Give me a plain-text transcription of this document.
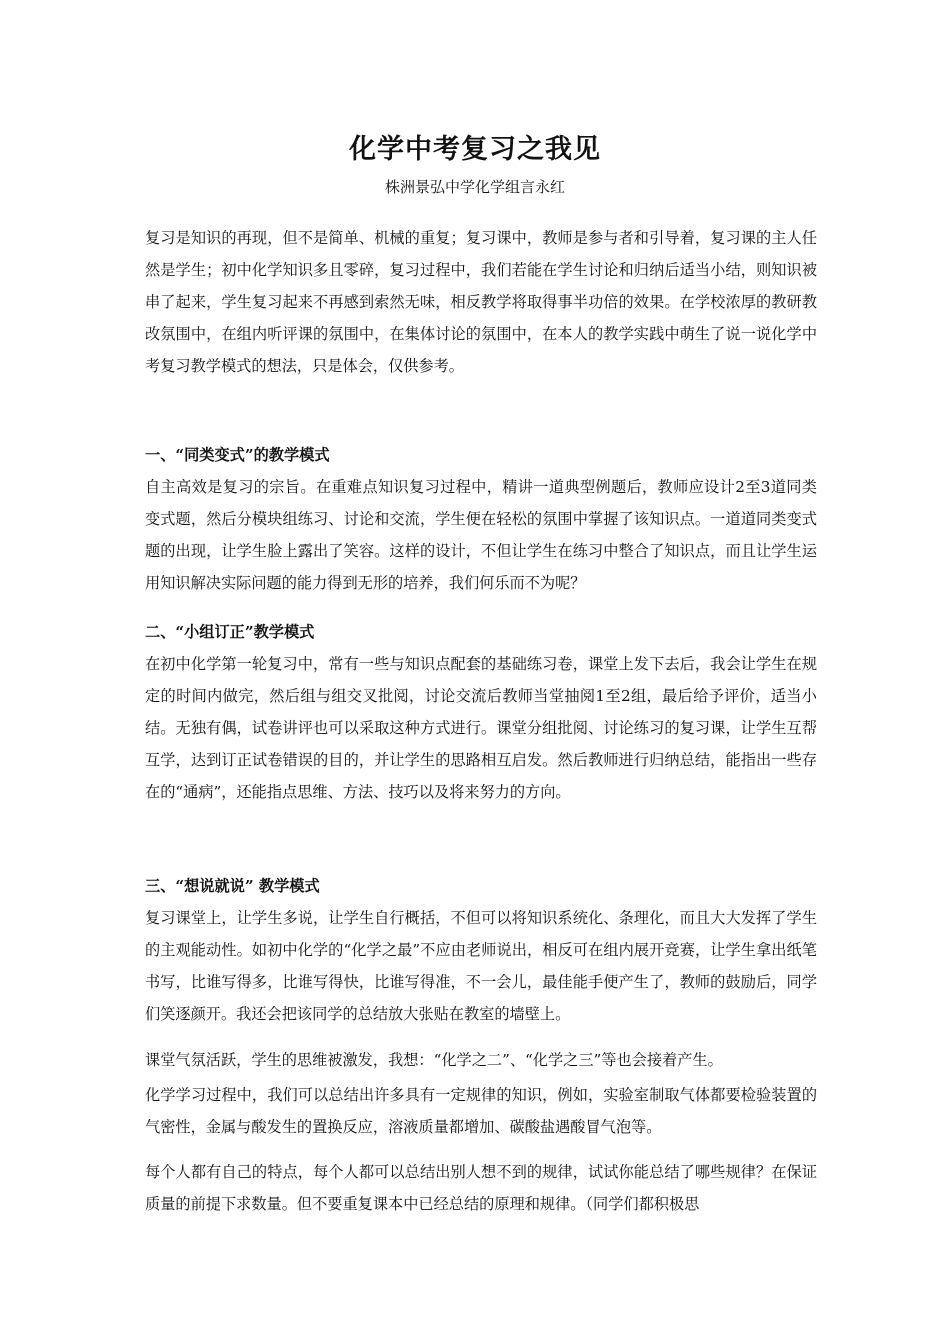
化学中考复习之我见
株洲景弘中学化学组言永红

复习是知识的再现，但不是简单、机械的重复；复习课中，教师是参与者和引导着，复习课的主人任然是学生；初中化学知识多且零碎，复习过程中，我们若能在学生讨论和归纳后适当小结，则知识被串了起来，学生复习起来不再感到索然无味，相反教学将取得事半功倍的效果。在学校浓厚的教研教改氛围中，在组内听评课的氛围中，在集体讨论的氛围中，在本人的教学实践中萌生了说一说化学中考复习教学模式的想法，只是体会，仅供参考。

一、“同类变式”的教学模式

自主高效是复习的宗旨。在重难点知识复习过程中，精讲一道典型例题后，教师应设计2至3道同类变式题，然后分模块组练习、讨论和交流，学生便在轻松的氛围中掌握了该知识点。一道道同类变式题的出现，让学生脸上露出了笑容。这样的设计，不但让学生在练习中整合了知识点，而且让学生运用知识解决实际问题的能力得到无形的培养，我们何乐而不为呢？

二、“小组订正”教学模式

在初中化学第一轮复习中，常有一些与知识点配套的基础练习卷，课堂上发下去后，我会让学生在规定的时间内做完，然后组与组交叉批阅，讨论交流后教师当堂抽阅1至2组，最后给予评价，适当小结。无独有偶，试卷讲评也可以采取这种方式进行。课堂分组批阅、讨论练习的复习课，让学生互帮互学，达到订正试卷错误的目的，并让学生的思路相互启发。然后教师进行归纳总结，能指出一些存在的“通病”，还能指点思维、方法、技巧以及将来努力的方向。

三、“想说就说” 教学模式

复习课堂上，让学生多说，让学生自行概括，不但可以将知识系统化、条理化，而且大大发挥了学生的主观能动性。如初中化学的“化学之最”不应由老师说出，相反可在组内展开竞赛，让学生拿出纸笔书写，比谁写得多，比谁写得快，比谁写得准，不一会儿，最佳能手便产生了，教师的鼓励后，同学们笑逐颜开。我还会把该同学的总结放大张贴在教室的墙壁上。

课堂气氛活跃，学生的思维被激发，我想：“化学之二”、“化学之三”等也会接着产生。

化学学习过程中，我们可以总结出许多具有一定规律的知识，例如，实验室制取气体都要检验装置的气密性，金属与酸发生的置换反应，溶液质量都增加、碳酸盐遇酸冒气泡等。

每个人都有自己的特点，每个人都可以总结出别人想不到的规律，试试你能总结了哪些规律？在保证质量的前提下求数量。但不要重复课本中已经总结的原理和规律。（同学们都积极思
